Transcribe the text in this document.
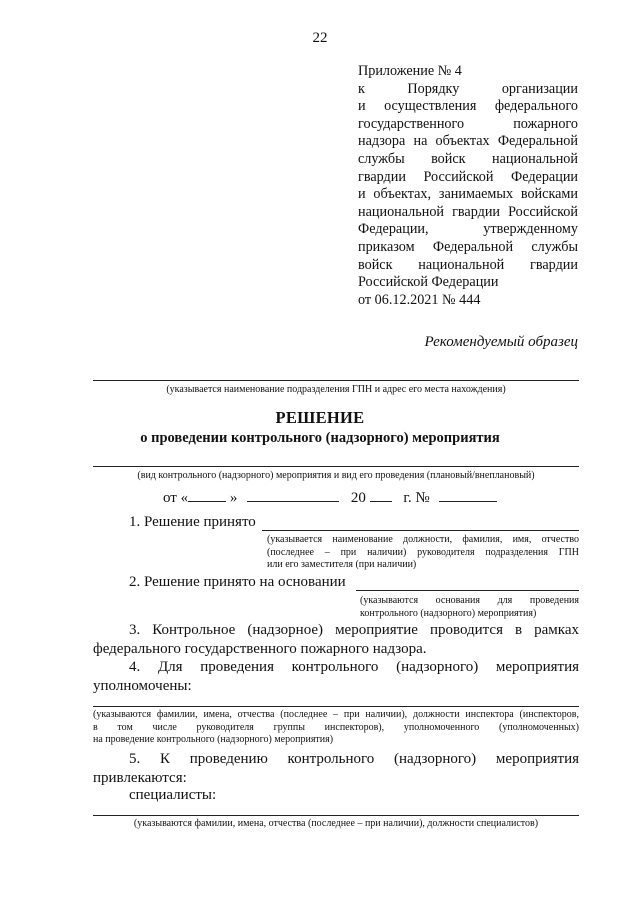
22
Приложение № 4
к Порядку организации
и осуществления федерального
государственного пожарного
надзора на объектах Федеральной
службы войск национальной
гвардии Российской Федерации
и объектах, занимаемых войсками
национальной гвардии Российской
Федерации, утвержденному
приказом Федеральной службы
войск национальной гвардии
Российской Федерации
от 06.12.2021 № 444
Рекомендуемый образец
(указывается наименование подразделения ГПН и адрес его места нахождения)
РЕШЕНИЕ
о проведении контрольного (надзорного) мероприятия
(вид контрольного (надзорного) мероприятия и вид его проведения (плановый/внеплановый)
от «	»	20	г. №
1. Решение принято
(указывается наименование должности, фамилия, имя, отчество
(последнее – при наличии) руководителя подразделения ГПН
или его заместителя (при наличии)
2. Решение принято на основании
(указываются основания для проведения
контрольного (надзорного) мероприятия)
3. Контрольное (надзорное) мероприятие проводится в рамках
федерального государственного пожарного надзора.
4. Для проведения контрольного (надзорного) мероприятия
уполномочены:
(указываются фамилии, имена, отчества (последнее – при наличии), должности инспектора (инспекторов,
в том числе руководителя группы инспекторов), уполномоченного (уполномоченных)
на проведение контрольного (надзорного) мероприятия)
5. К проведению контрольного (надзорного) мероприятия
привлекаются:
специалисты:
(указываются фамилии, имена, отчества (последнее – при наличии), должности специалистов)
